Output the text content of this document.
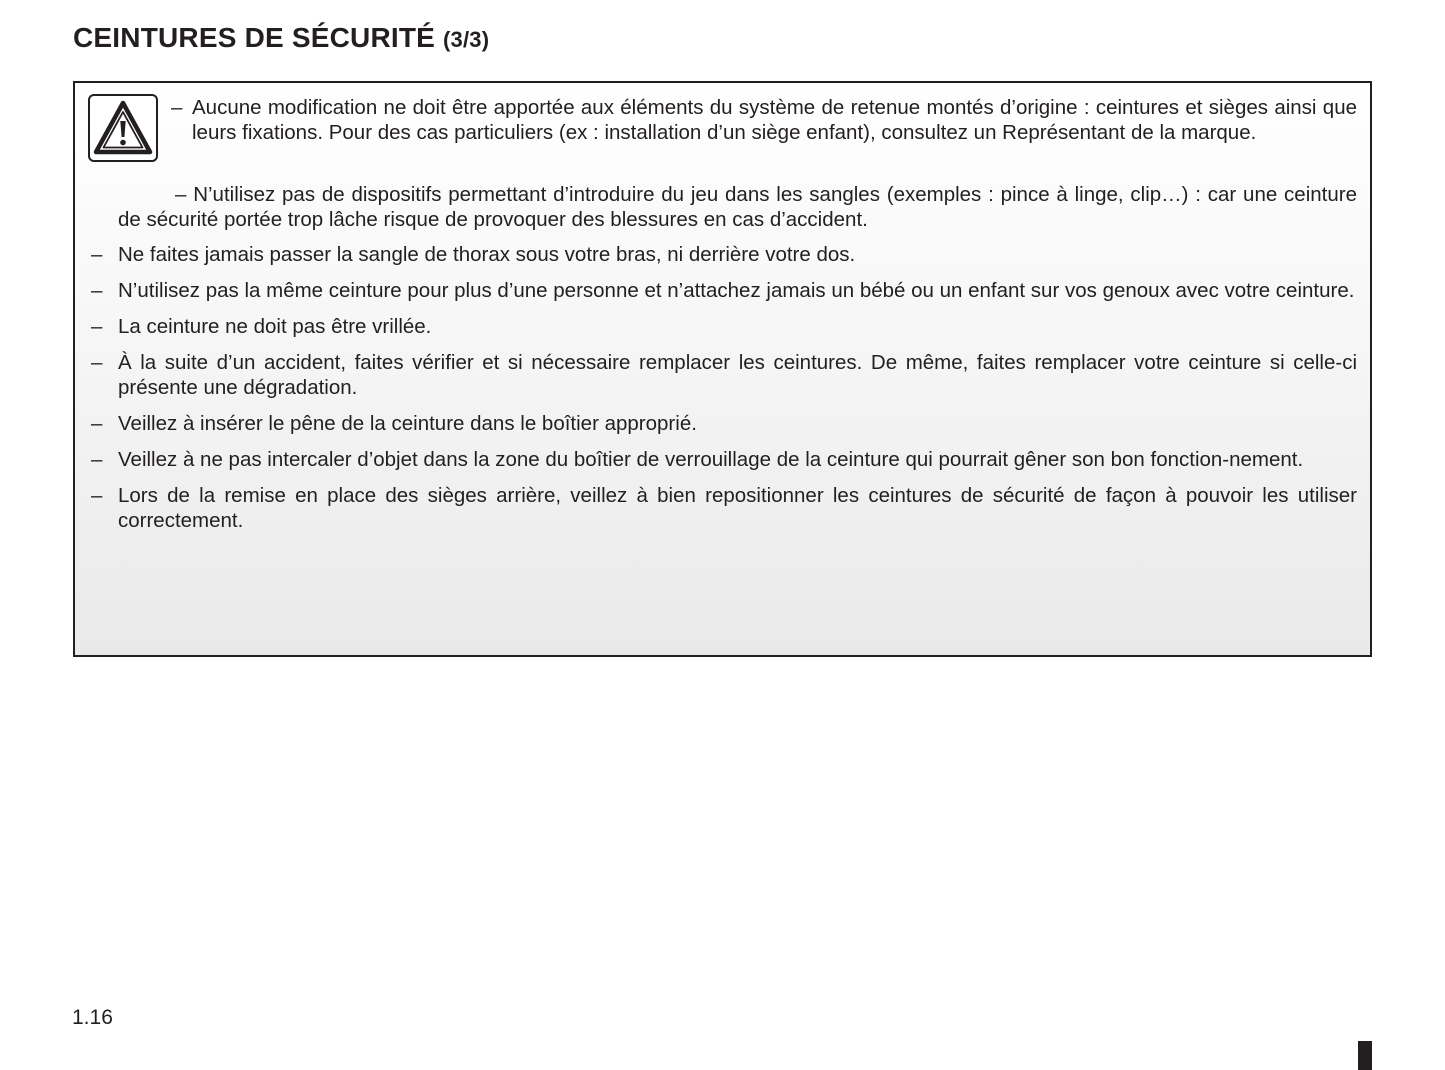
CEINTURES DE SÉCURITÉ (3/3)
– Aucune modification ne doit être apportée aux éléments du système de retenue montés d’origine : ceintures et sièges ainsi que leurs fixations. Pour des cas particuliers (ex : installation d’un siège enfant), consultez un Représentant de la marque.
– N’utilisez pas de dispositifs permettant d’introduire du jeu dans les sangles (exemples : pince à linge, clip…) : car une ceinture de sécurité portée trop lâche risque de provoquer des blessures en cas d’accident.
– Ne faites jamais passer la sangle de thorax sous votre bras, ni derrière votre dos.
– N’utilisez pas la même ceinture pour plus d’une personne et n’attachez jamais un bébé ou un enfant sur vos genoux avec votre ceinture.
– La ceinture ne doit pas être vrillée.
– À la suite d’un accident, faites vérifier et si nécessaire remplacer les ceintures. De même, faites remplacer votre ceinture si celle-ci présente une dégradation.
– Veillez à insérer le pêne de la ceinture dans le boîtier approprié.
– Veillez à ne pas intercaler d’objet dans la zone du boîtier de verrouillage de la ceinture qui pourrait gêner son bon fonction-nement.
– Lors de la remise en place des sièges arrière, veillez à bien repositionner les ceintures de sécurité de façon à pouvoir les utiliser correctement.
1.16
